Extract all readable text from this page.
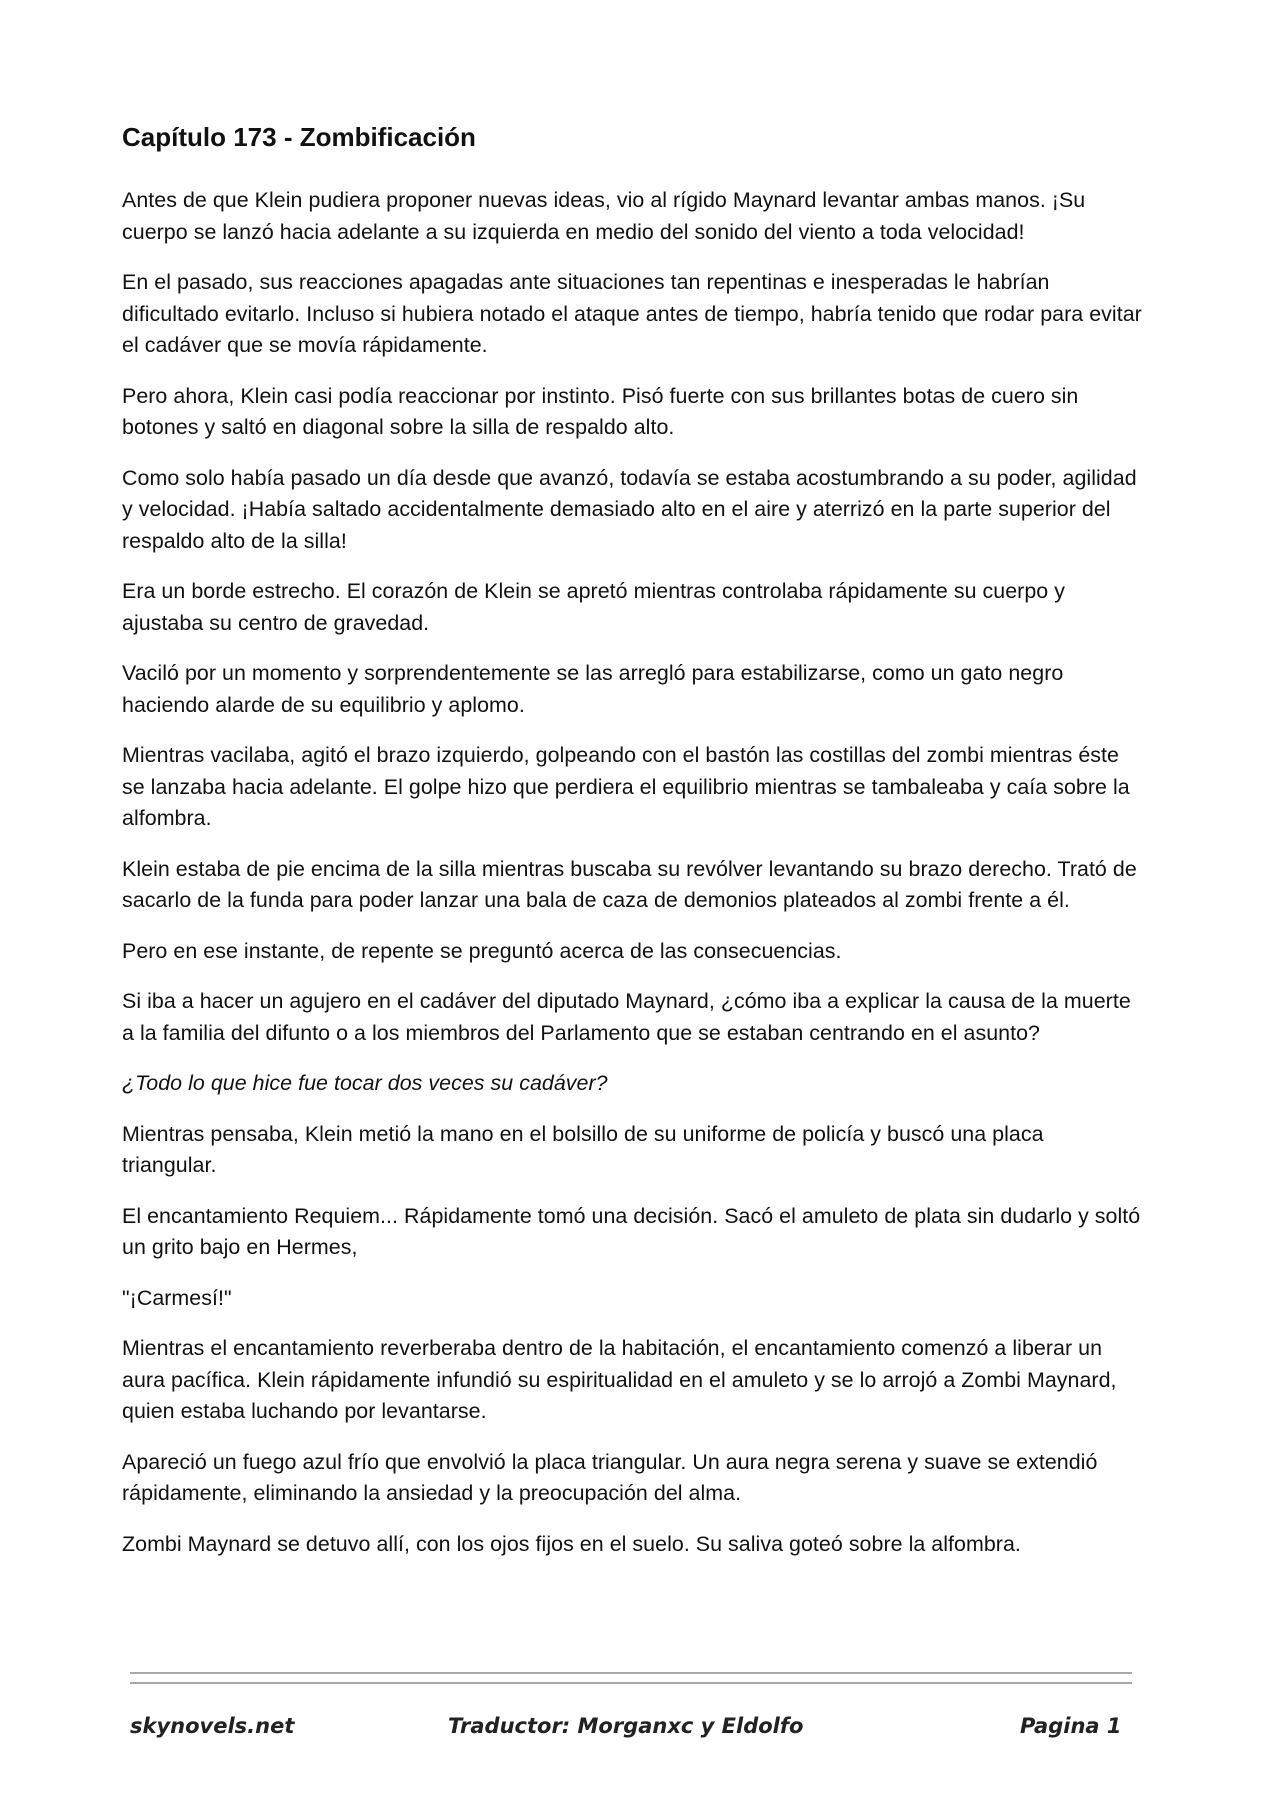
Capítulo 173 - Zombificación

Antes de que Klein pudiera proponer nuevas ideas, vio al rígido Maynard levantar ambas manos. ¡Su cuerpo se lanzó hacia adelante a su izquierda en medio del sonido del viento a toda velocidad!

En el pasado, sus reacciones apagadas ante situaciones tan repentinas e inesperadas le habrían dificultado evitarlo. Incluso si hubiera notado el ataque antes de tiempo, habría tenido que rodar para evitar el cadáver que se movía rápidamente.

Pero ahora, Klein casi podía reaccionar por instinto. Pisó fuerte con sus brillantes botas de cuero sin botones y saltó en diagonal sobre la silla de respaldo alto.

Como solo había pasado un día desde que avanzó, todavía se estaba acostumbrando a su poder, agilidad y velocidad. ¡Había saltado accidentalmente demasiado alto en el aire y aterrizó en la parte superior del respaldo alto de la silla!

Era un borde estrecho. El corazón de Klein se apretó mientras controlaba rápidamente su cuerpo y ajustaba su centro de gravedad.

Vaciló por un momento y sorprendentemente se las arregló para estabilizarse, como un gato negro haciendo alarde de su equilibrio y aplomo.

Mientras vacilaba, agitó el brazo izquierdo, golpeando con el bastón las costillas del zombi mientras éste se lanzaba hacia adelante. El golpe hizo que perdiera el equilibrio mientras se tambaleaba y caía sobre la alfombra.

Klein estaba de pie encima de la silla mientras buscaba su revólver levantando su brazo derecho. Trató de sacarlo de la funda para poder lanzar una bala de caza de demonios plateados al zombi frente a él.

Pero en ese instante, de repente se preguntó acerca de las consecuencias.

Si iba a hacer un agujero en el cadáver del diputado Maynard, ¿cómo iba a explicar la causa de la muerte a la familia del difunto o a los miembros del Parlamento que se estaban centrando en el asunto?

¿Todo lo que hice fue tocar dos veces su cadáver?

Mientras pensaba, Klein metió la mano en el bolsillo de su uniforme de policía y buscó una placa triangular.

El encantamiento Requiem... Rápidamente tomó una decisión. Sacó el amuleto de plata sin dudarlo y soltó un grito bajo en Hermes,

"¡Carmesí!"

Mientras el encantamiento reverberaba dentro de la habitación, el encantamiento comenzó a liberar un aura pacífica. Klein rápidamente infundió su espiritualidad en el amuleto y se lo arrojó a Zombi Maynard, quien estaba luchando por levantarse.

Apareció un fuego azul frío que envolvió la placa triangular. Un aura negra serena y suave se extendió rápidamente, eliminando la ansiedad y la preocupación del alma.

Zombi Maynard se detuvo allí, con los ojos fijos en el suelo. Su saliva goteó sobre la alfombra.

skynovels.net	Traductor: Morganxc y Eldolfo	Pagina 1
